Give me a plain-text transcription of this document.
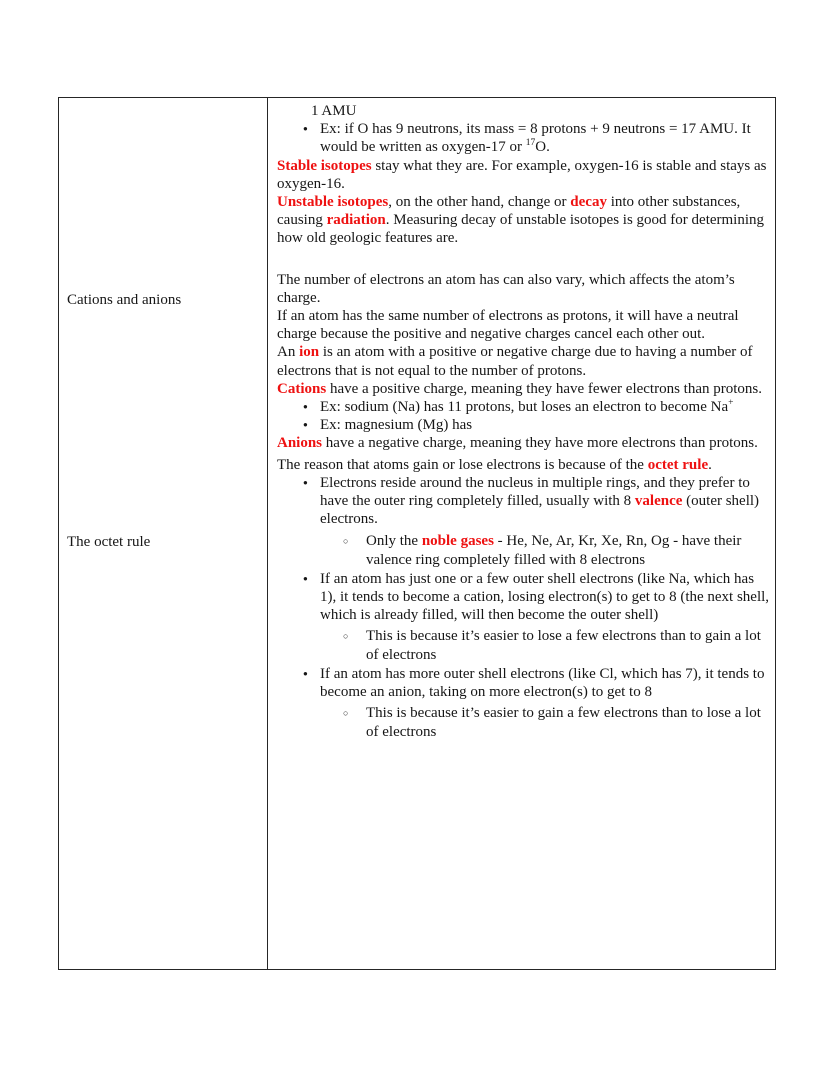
Cations and anions
The octet rule
1 AMU
● Ex: if O has 9 neutrons, its mass = 8 protons + 9 neutrons = 17 AMU. It would be written as oxygen-17 or $^{17}$O.
Stable isotopes stay what they are. For example, oxygen-16 is stable and stays as oxygen-16.
Unstable isotopes, on the other hand, change or decay into other substances, causing radiation. Measuring decay of unstable isotopes is good for determining how old geologic features are.
The number of electrons an atom has can also vary, which affects the atom’s charge.
If an atom has the same number of electrons as protons, it will have a neutral charge because the positive and negative charges cancel each other out.
An ion is an atom with a positive or negative charge due to having a number of electrons that is not equal to the number of protons.
Cations have a positive charge, meaning they have fewer electrons than protons.
● Ex: sodium (Na) has 11 protons, but loses an electron to become Na+
● Ex: magnesium (Mg) has
Anions have a negative charge, meaning they have more electrons than protons.
The reason that atoms gain or lose electrons is because of the octet rule.
● Electrons reside around the nucleus in multiple rings, and they prefer to have the outer ring completely filled, usually with 8 valence (outer shell) electrons.
○ Only the noble gases - He, Ne, Ar, Kr, Xe, Rn, Og - have their valence ring completely filled with 8 electrons
● If an atom has just one or a few outer shell electrons (like Na, which has 1), it tends to become a cation, losing electron(s) to get to 8 (the next shell, which is already filled, will then become the outer shell)
○ This is because it’s easier to lose a few electrons than to gain a lot of electrons
● If an atom has more outer shell electrons (like Cl, which has 7), it tends to become an anion, taking on more electron(s) to get to 8
○ This is because it’s easier to gain a few electrons than to lose a lot of electrons
